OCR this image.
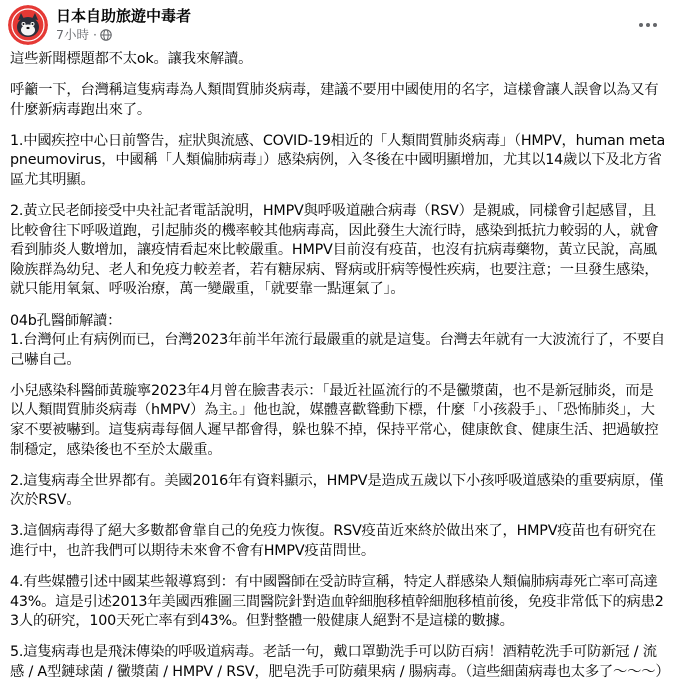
日本自助旅遊中毒者
7小時 ·

這些新聞標題都不太ok。讓我來解讀。

呼籲一下，台灣稱這隻病毒為人類間質肺炎病毒，建議不要用中國使用的名字，這樣會讓人誤會以為又有什麼新病毒跑出來了。

1.中國疾控中心日前警告，症狀與流感、COVID-19相近的「人類間質肺炎病毒」（HMPV，human metapneumovirus，中國稱「人類偏肺病毒」）感染病例，入冬後在中國明顯增加，尤其以14歲以下及北方省區尤其明顯。

2.黃立民老師接受中央社記者電話說明，HMPV與呼吸道融合病毒（RSV）是親戚，同樣會引起感冒，且比較會往下呼吸道跑，引起肺炎的機率較其他病毒高，因此發生大流行時，感染到抵抗力較弱的人，就會看到肺炎人數增加，讓疫情看起來比較嚴重。HMPV目前沒有疫苗，也沒有抗病毒藥物，黃立民說，高風險族群為幼兒、老人和免疫力較差者，若有糖尿病、腎病或肝病等慢性疾病，也要注意；一旦發生感染，就只能用氧氣、呼吸治療，萬一變嚴重，「就要靠一點運氣了」。

04b孔醫師解讀：

1.台灣何止有病例而已，台灣2023年前半年流行最嚴重的就是這隻。台灣去年就有一大波流行了，不要自己嚇自己。

小兒感染科醫師黃璇寧2023年4月曾在臉書表示：「最近社區流行的不是黴漿菌，也不是新冠肺炎，而是以人類間質肺炎病毒（hMPV）為主。」他也說，媒體喜歡聳動下標，什麼「小孩殺手」、「恐怖肺炎」，大家不要被嚇到。這隻病毒每個人遲早都會得，躲也躲不掉，保持平常心，健康飲食、健康生活、把過敏控制穩定，感染後也不至於太嚴重。

2.這隻病毒全世界都有。美國2016年有資料顯示，HMPV是造成五歲以下小孩呼吸道感染的重要病原，僅次於RSV。

3.這個病毒得了絕大多數都會靠自己的免疫力恢復。RSV疫苗近來終於做出來了，HMPV疫苗也有研究在進行中，也許我們可以期待未來會不會有HMPV疫苗問世。

4.有些媒體引述中國某些報導寫到：有中國醫師在受訪時宣稱，特定人群感染人類偏肺病毒死亡率可高達43%。這是引述2013年美國西雅圖三間醫院針對造血幹細胞移植幹細胞移植前後，免疫非常低下的病患23人的研究，100天死亡率有到43%。但對整體一般健康人絕對不是這樣的數據。

5.這隻病毒也是飛沫傳染的呼吸道病毒。老話一句，戴口罩勤洗手可以防百病！酒精乾洗手可防新冠 / 流感 / A型鏈球菌 / 黴漿菌 / HMPV / RSV，肥皂洗手可防蘋果病 / 腸病毒。（這些細菌病毒也太多了～～～）
